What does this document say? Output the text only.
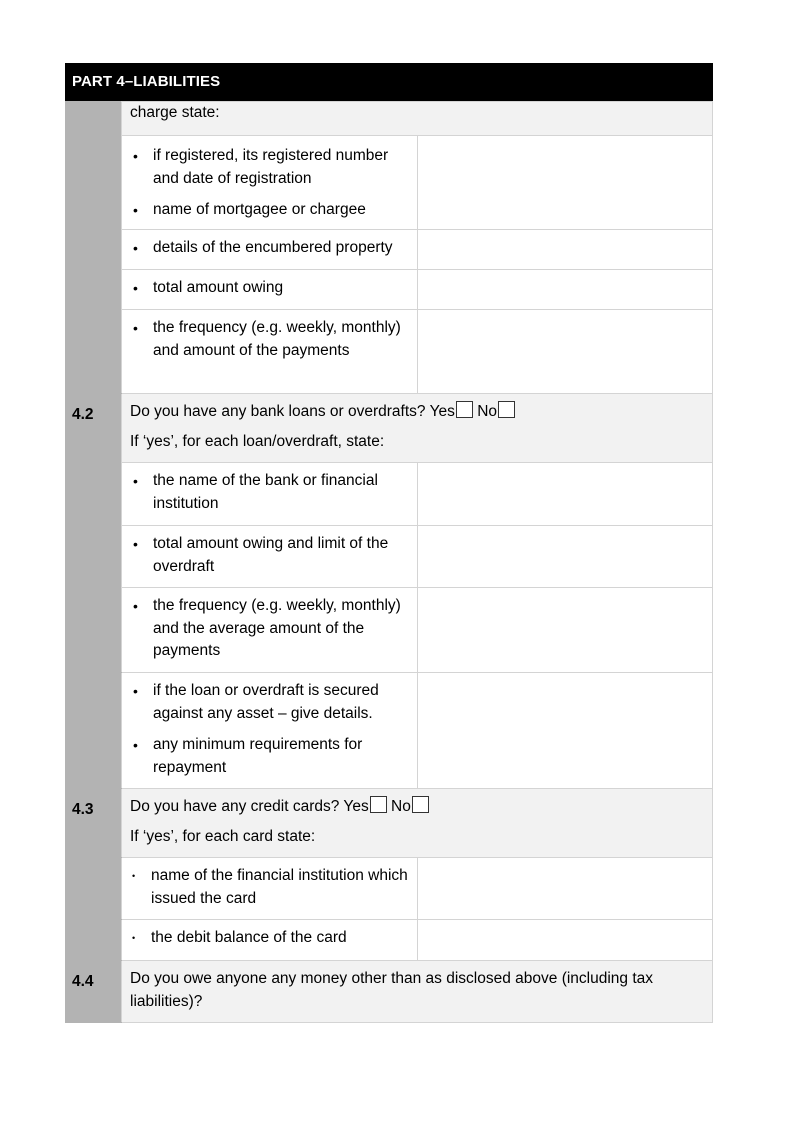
PART 4–LIABILITIES
	charge state:	

	• if registered, its registered number and date of registration
• name of mortgagee or chargee

	• details of the encumbered property

	• total amount owing

	• the frequency (e.g. weekly, monthly) and amount of the payments

4.2	Do you have any bank loans or overdrafts? Yes No
If ‘yes’, for each loan/overdraft, state:	

	• the name of the bank or financial institution

	• total amount owing and limit of the overdraft

	• the frequency (e.g. weekly, monthly) and the average amount of the payments

	• if the loan or overdraft is secured against any asset – give details.
• any minimum requirements for repayment

4.3	Do you have any credit cards? Yes No
If ‘yes’, for each card state:	

	• name of the financial institution which issued the card

	• the debit balance of the card

4.4	Do you owe anyone any money other than as disclosed above (including tax liabilities)?	
